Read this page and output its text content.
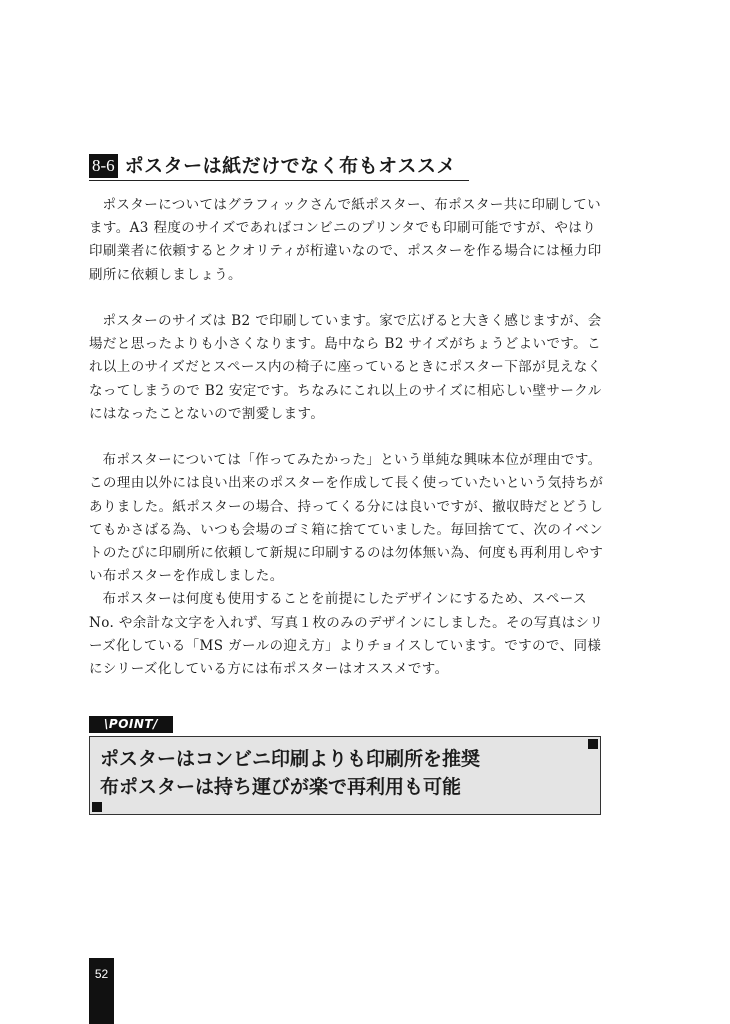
8-6 ポスターは紙だけでなく布もオススメ

ポスターについてはグラフィックさんで紙ポスター、布ポスター共に印刷しています。A3 程度のサイズであればコンビニのプリンタでも印刷可能ですが、やはり印刷業者に依頼するとクオリティが桁違いなので、ポスターを作る場合には極力印刷所に依頼しましょう。

ポスターのサイズは B2 で印刷しています。家で広げると大きく感じますが、会場だと思ったよりも小さくなります。島中なら B2 サイズがちょうどよいです。これ以上のサイズだとスペース内の椅子に座っているときにポスター下部が見えなくなってしまうので B2 安定です。ちなみにこれ以上のサイズに相応しい壁サークルにはなったことないので割愛します。

布ポスターについては「作ってみたかった」という単純な興味本位が理由です。この理由以外には良い出来のポスターを作成して長く使っていたいという気持ちがありました。紙ポスターの場合、持ってくる分には良いですが、撤収時だとどうしてもかさばる為、いつも会場のゴミ箱に捨てていました。毎回捨てて、次のイベントのたびに印刷所に依頼して新規に印刷するのは勿体無い為、何度も再利用しやすい布ポスターを作成しました。

布ポスターは何度も使用することを前提にしたデザインにするため、スペースNo. や余計な文字を入れず、写真１枚のみのデザインにしました。その写真はシリーズ化している「MS ガールの迎え方」よりチョイスしています。ですので、同様にシリーズ化している方には布ポスターはオススメです。

\POINT/
ポスターはコンビニ印刷よりも印刷所を推奨
布ポスターは持ち運びが楽で再利用も可能
52
